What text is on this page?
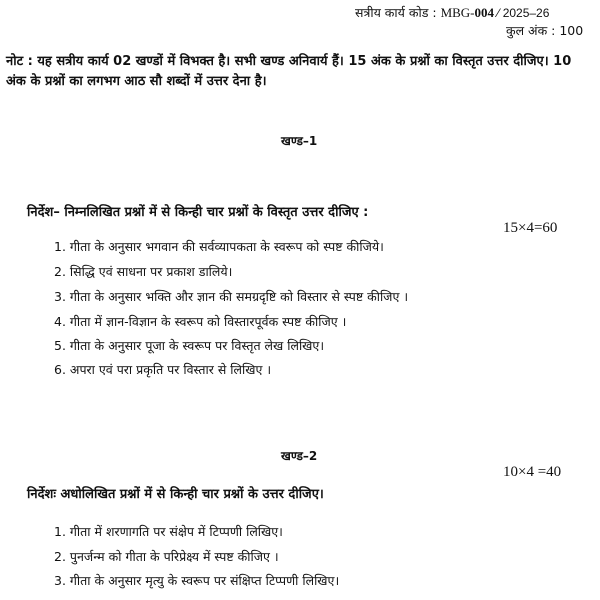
सत्रीय कार्य कोड : MBG-004 ⁄ 2025–26
कुल अंक : 100
नोट : यह सत्रीय कार्य 02 खण्डों में विभक्त है। सभी खण्ड अनिवार्य हैं। 15 अंक के प्रश्नों का विस्तृत उत्तर दीजिए। 10 अंक के प्रश्नों का लगभग आठ सौ शब्दों में उत्तर देना है।
खण्ड–1
निर्देश– निम्नलिखित प्रश्नों में से किन्ही चार प्रश्नों के विस्तृत उत्तर दीजिए :
15×4=60
1. गीता के अनुसार भगवान की सर्वव्यापकता के स्वरूप को स्पष्ट कीजिये।
2. सिद्धि एवं साधना पर प्रकाश डालिये।
3. गीता के अनुसार भक्ति और ज्ञान की समग्रदृष्टि को विस्तार से स्पष्ट कीजिए ।
4. गीता में ज्ञान-विज्ञान के स्वरूप को विस्तारपूर्वक स्पष्ट कीजिए ।
5. गीता के अनुसार पूजा के स्वरूप पर विस्तृत लेख लिखिए।
6. अपरा एवं परा प्रकृति पर विस्तार से लिखिए ।
खण्ड–2
10×4 =40
निर्देशः अधोलिखित प्रश्नों में से किन्ही चार प्रश्नों के उत्तर दीजिए।
1. गीता में शरणागति पर संक्षेप में टिप्पणी लिखिए।
2. पुनर्जन्म को गीता के परिप्रेक्ष्य में स्पष्ट कीजिए ।
3. गीता के अनुसार मृत्यु के स्वरूप पर संक्षिप्त टिप्पणी लिखिए।
